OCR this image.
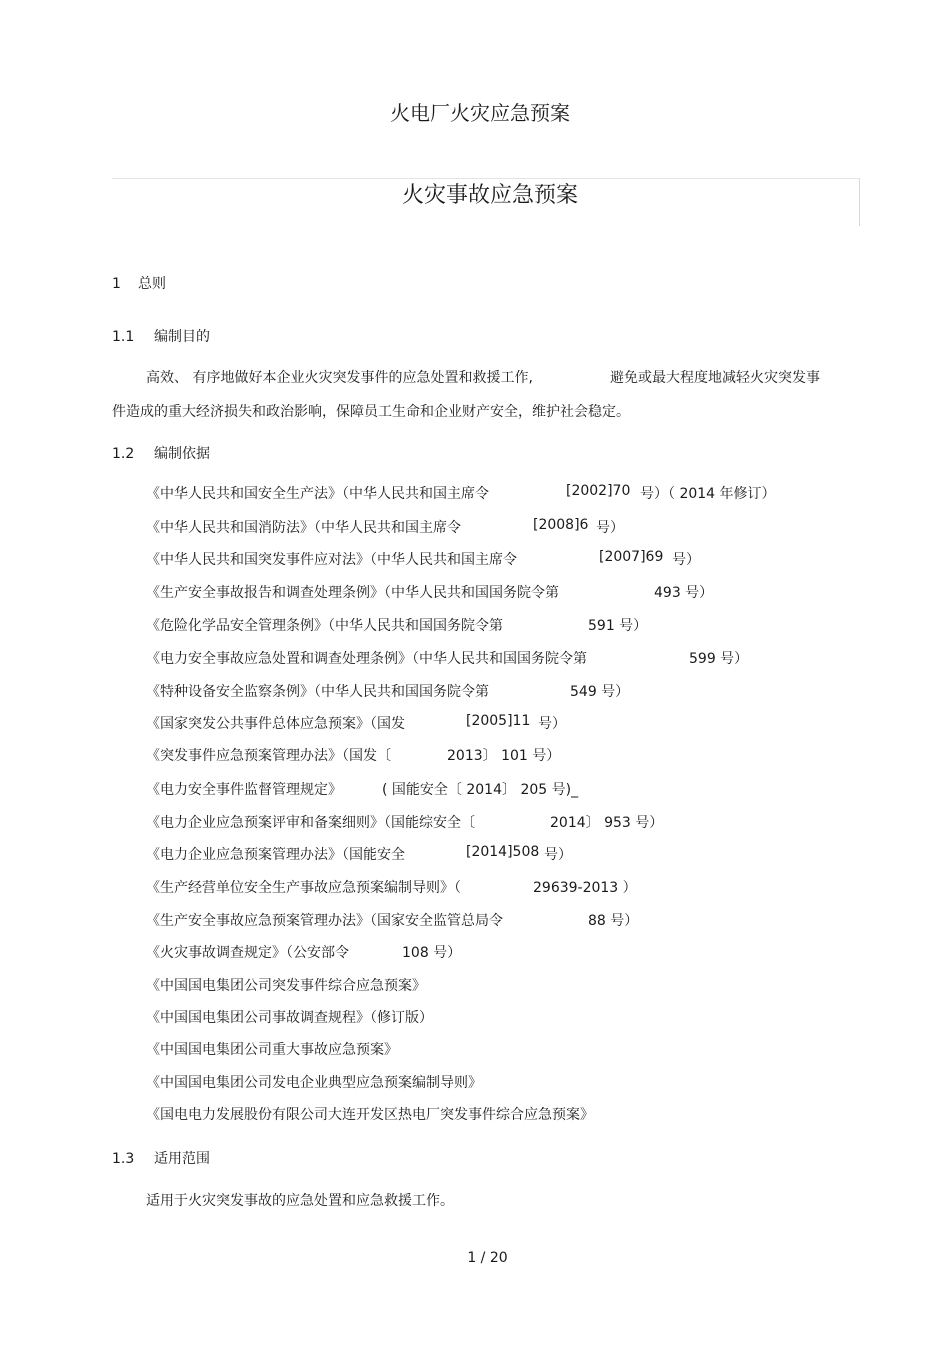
火电厂火灾应急预案
火灾事故应急预案
1 总则
1.1 编制目的
高效、 有序地做好本企业火灾突发事件的应急处置和救援工作,	避免或最大程度地减轻火灾突发事
件造成的重大经济损失和政治影响，保障员工生命和企业财产安全，维护社会稳定。
1.2 编制依据
《中华人民共和国安全生产法》（中华人民共和国主席令	[2002]70 号）（ 2014 年修订）
《中华人民共和国消防法》（中华人民共和国主席令	[2008]6 号）
《中华人民共和国突发事件应对法》（中华人民共和国主席令	[2007]69 号）
《生产安全事故报告和调查处理条例》（中华人民共和国国务院令第	493 号）
《危险化学品安全管理条例》（中华人民共和国国务院令第	591 号）
《电力安全事故应急处置和调查处理条例》（中华人民共和国国务院令第	599 号）
《特种设备安全监察条例》（中华人民共和国国务院令第	549 号）
《国家突发公共事件总体应急预案》（国发	[2005]11 号）
《突发事件应急预案管理办法》（国发〔	2013〕 101 号）
《电力安全事件监督管理规定》	( 国能安全〔 2014〕 205 号)_
《电力企业应急预案评审和备案细则》（国能综安全〔	2014〕 953 号）
《电力企业应急预案管理办法》（国能安全	[2014]508 号）
《生产经营单位安全生产事故应急预案编制导则》（	29639-2013 ）
《生产安全事故应急预案管理办法》（国家安全监管总局令	88 号）
《火灾事故调查规定》（公安部令	108 号）
《中国国电集团公司突发事件综合应急预案》
《中国国电集团公司事故调查规程》（修订版）
《中国国电集团公司重大事故应急预案》
《中国国电集团公司发电企业典型应急预案编制导则》
《国电电力发展股份有限公司大连开发区热电厂突发事件综合应急预案》
1.3 适用范围
适用于火灾突发事故的应急处置和应急救援工作。
1 / 20
